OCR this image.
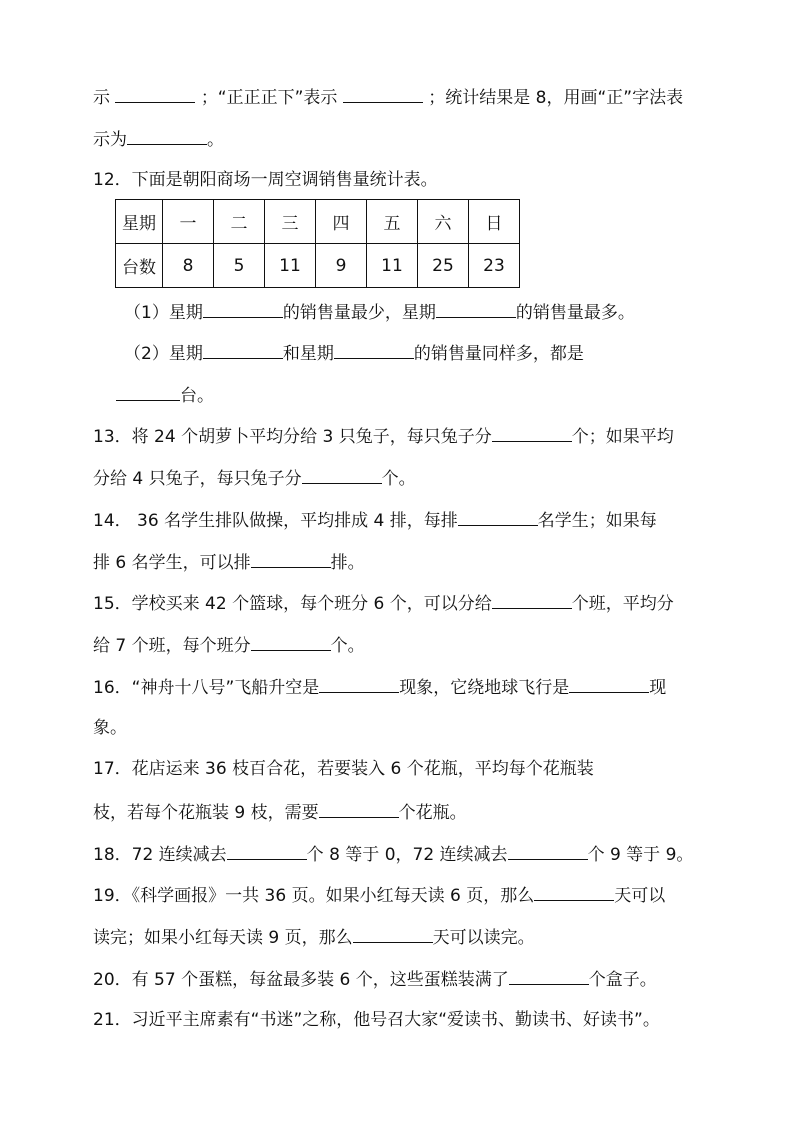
示	；“正正正下”表示	；统计结果是 8，用画“正”字法表
示为	。
12．下面是朝阳商场一周空调销售量统计表。
星期	一	二	三	四	五	六	日
台数	8	5	11	9	11	25	23
（1）星期	的销售量最少，星期	的销售量最多。
（2）星期	和星期	的销售量同样多，都是
台。
13．将 24 个胡萝卜平均分给 3 只兔子，每只兔子分	个；如果平均
分给 4 只兔子，每只兔子分	个。
14． 36 名学生排队做操，平均排成 4 排，每排	名学生；如果每
排 6 名学生，可以排	排。
15．学校买来 42 个篮球，每个班分 6 个，可以分给	个班，平均分
给 7 个班，每个班分	个。
16．“神舟十八号”飞船升空是	现象，它绕地球飞行是	现
象。
17．花店运来 36 枝百合花，若要装入 6 个花瓶，平均每个花瓶装
枝，若每个花瓶装 9 枝，需要	个花瓶。
18．72 连续减去	个 8 等于 0，72 连续减去	个 9 等于 9。
19．《科学画报》一共 36 页。如果小红每天读 6 页，那么	天可以
读完；如果小红每天读 9 页，那么	天可以读完。
20．有 57 个蛋糕，每盆最多装 6 个，这些蛋糕装满了	个盒子。
21．习近平主席素有“书迷”之称，他号召大家“爱读书、勤读书、好读书”。
